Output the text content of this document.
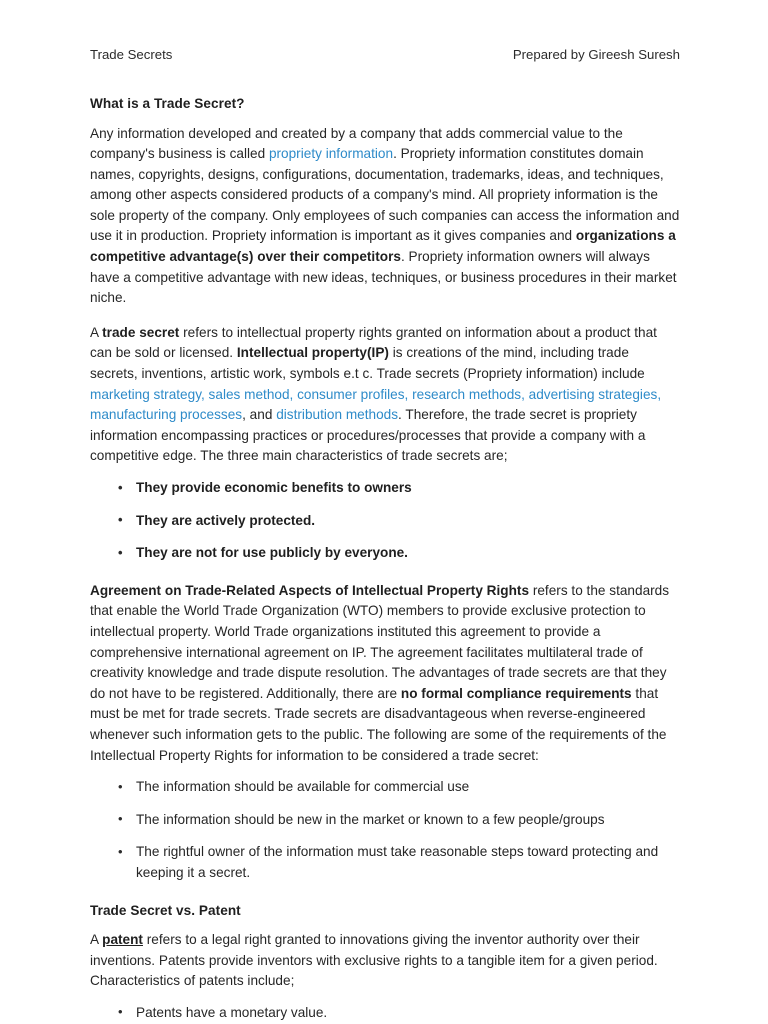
Trade Secrets	Prepared by Gireesh Suresh
What is a Trade Secret?

Any information developed and created by a company that adds commercial value to the company's business is called propriety information. Propriety information constitutes domain names, copyrights, designs, configurations, documentation, trademarks, ideas, and techniques, among other aspects considered products of a company's mind. All propriety information is the sole property of the company. Only employees of such companies can access the information and use it in production. Propriety information is important as it gives companies and organizations a competitive advantage(s) over their competitors. Propriety information owners will always have a competitive advantage with new ideas, techniques, or business procedures in their market niche.

A trade secret refers to intellectual property rights granted on information about a product that can be sold or licensed. Intellectual property(IP) is creations of the mind, including trade secrets, inventions, artistic work, symbols e.t c. Trade secrets (Propriety information) include marketing strategy, sales method, consumer profiles, research methods, advertising strategies, manufacturing processes, and distribution methods. Therefore, the trade secret is propriety information encompassing practices or procedures/processes that provide a company with a competitive edge. The three main characteristics of trade secrets are;

• They provide economic benefits to owners
• They are actively protected.
• They are not for use publicly by everyone.

Agreement on Trade-Related Aspects of Intellectual Property Rights refers to the standards that enable the World Trade Organization (WTO) members to provide exclusive protection to intellectual property. World Trade organizations instituted this agreement to provide a comprehensive international agreement on IP. The agreement facilitates multilateral trade of creativity knowledge and trade dispute resolution. The advantages of trade secrets are that they do not have to be registered. Additionally, there are no formal compliance requirements that must be met for trade secrets. Trade secrets are disadvantageous when reverse-engineered whenever such information gets to the public. The following are some of the requirements of the Intellectual Property Rights for information to be considered a trade secret:

• The information should be available for commercial use
• The information should be new in the market or known to a few people/groups
• The rightful owner of the information must take reasonable steps toward protecting and keeping it a secret.
Trade Secret vs. Patent

A patent refers to a legal right granted to innovations giving the inventor authority over their inventions. Patents provide inventors with exclusive rights to a tangible item for a given period. Characteristics of patents include;

• Patents have a monetary value.
